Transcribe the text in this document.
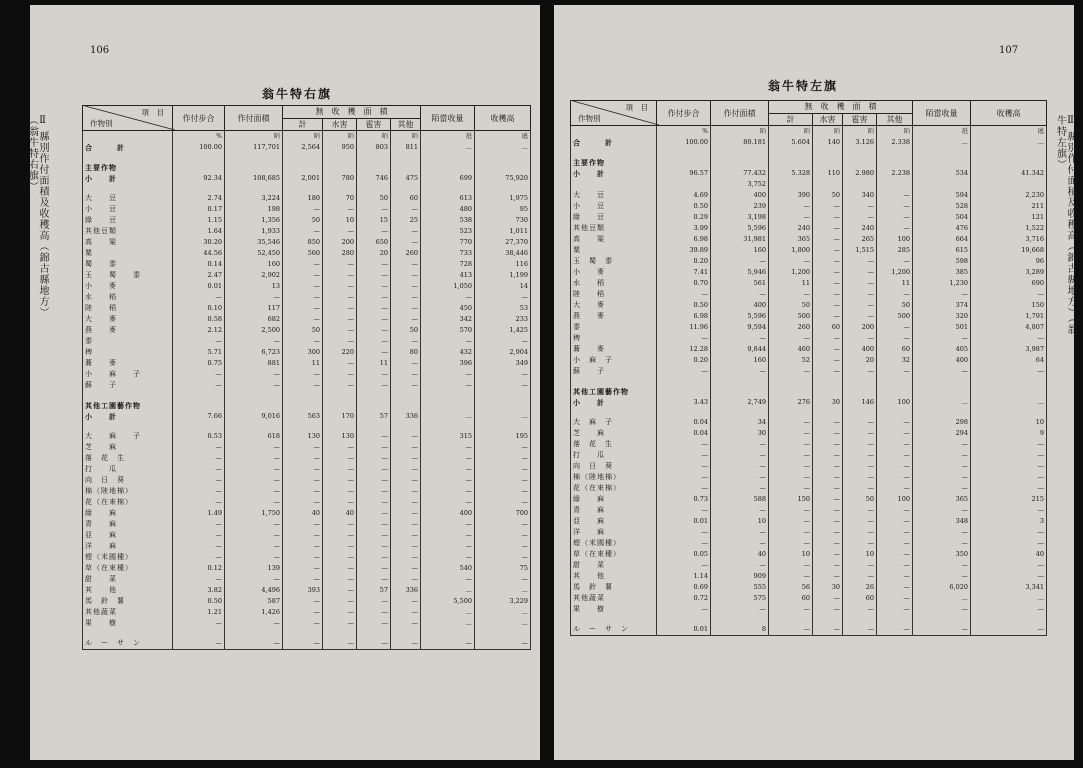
106
翁牛特右旗
Ⅱ 縣別作付面積及收穫高（錦古縣地方）（翁牛特右旗）
項　目
作物別	作付步合	作付面積	無　收　穫　面　積				陌當收量	收穫高
			計	水害	雹害	其他		
	%	陌	陌	陌	陌	陌	瓩	瓲
合　　　計	100.00	117,701	2,564	950	803	811	...	...

主要作物								
小　　計	92.34	108,685	2,001	780	746	475	699	75,920

大　　豆	2.74	3,224	180	70	50	60	613	1,975
小　　豆	0.17	198	—	—	—	—	480	95
綠　　豆	1.15	1,356	50	10	15	25	538	730
其他豆類	1.64	1,933	—	—	—	—	523	1,011
高　　粱	30.20	35,546	850	200	650	—	770	27,370
粟	44.56	52,450	560	280	20	260	733	38,446
蜀　　黍	0.14	160	—	—	—	—	728	116
玉　　蜀　　黍	2.47	2,902	—	—	—	—	413	1,199
小　　麥	0.01	13	—	—	—	—	1,050	14
水　　稻	—	—	—	—	—	—	—	—
陸　　稻	0.10	117	—	—	—	—	450	53
大　　麥	0.58	682	—	—	—	—	342	233
燕　　麥	2.12	2,500	50	—	—	50	570	1,425
黍	—	—	—	—	—	—	—	—
稗	5.71	6,723	300	220	—	80	432	2,904
蕎　　麥	0.75	881	11	—	11	—	396	349
小　　麻　　子	—	—	—	—	—	—	—	—
蘇　　子	—	—	—	—	—	—	—	—

其他工園藝作物								
小　　計	7.66	9,016	563	170	57	336	...	...

大　　麻　　子	0.53	618	130	130	—	—	315	195
芝　　麻	—	—	—	—	—	—	—	—
落　花　生	—	—	—	—	—	—	—	—
打　　瓜	—	—	—	—	—	—	—	—
向　日　葵	—	—	—	—	—	—	—	—
棉（陸地棉）	—	—	—	—	—	—	—	—
花（在來棉）	—	—	—	—	—	—	—	—
綠　　麻	1.49	1,750	40	40	—	—	400	700
青　　麻	—	—	—	—	—	—	—	—
亞　　麻	—	—	—	—	—	—	—	—
洋　　麻	—	—	—	—	—	—	—	—
煙（米國種）	—	—	—	—	—	—	—	—
草（在來種）	0.12	139	—	—	—	—	540	75
甜　　菜	—	—	—	—	—	—	—	—
其　　他	3.82	4,496	393	—	57	336	...	...
馬　鈴　薯	0.50	587	—	—	—	—	5,500	3,229
其他蔬菜	1.21	1,426	—	—	—	—	...	...
果　　樹	—	—	—	—	—	—	...	...

ル　ー　サ　ン	—	—	—	—	—	—	—	—
107
翁牛特左旗
Ⅱ 縣別作付面積及收穫高（錦古縣地方）（翁牛特左旗）
項　目
作物別	作付步合	作付面積	無　收　穫　面　積				陌當收量	收穫高
			計	水害	雹害	其他		
	%	陌	陌	陌	陌	陌	瓩	瓲
合　　　計	100.00	80.181	5.604	140	3.126	2.338	...	...

主要作物								
小　　計	96.57	77.432	5.328	110	2.980	2.238	534	41.342
		3,752						
大　　豆	4.69	400	390	50	340	—	594	2,230
小　　豆	0.50	239	—	—	—	—	528	211
綠　　豆	0.29	3,198	—	—	—	—	504	121
其他豆類	3.99	5,596	240	—	240	—	476	1,522
高　　粱	6.98	31,981	365	—	265	100	664	3,716
粟	39.89	160	1,800	—	1,515	285	615	19,668
玉　蜀　黍	0.20	—	—	—	—	—	598	96
小　　麥	7.41	5,946	1,200	—	—	1,200	385	3,289
水　　稻	0.70	561	11	—	—	11	1,230	690
陸　　稻	—	—	—	—	—	—	—	—
大　　麥	0.50	400	50	—	—	50	374	150
燕　　麥	6.98	5,596	500	—	—	500	320	1,791
黍	11.96	9,594	260	60	200	—	501	4,807
稗	—	—	—	—	—	—	—	—
蕎　　麥	12.28	9,844	460	—	400	60	405	3,987
小　麻　子	0.20	160	52	—	20	32	400	64
蘇　　子	—	—	—	—	—	—	—	—

其他工園藝作物								
小　　計	3.43	2,749	276	30	146	100	...	...

大　麻　子	0.04	34	—	—	—	—	298	10
芝　　麻	0.04	30	—	—	—	—	294	9
落　花　生	—	—	—	—	—	—	—	—
打　　瓜	—	—	—	—	—	—	—	—
向　日　葵	—	—	—	—	—	—	—	—
棉（陸地棉）	—	—	—	—	—	—	—	—
花（在來棉）	—	—	—	—	—	—	—	—
綠　　麻	0.73	588	150	—	50	100	365	215
青　　麻	—	—	—	—	—	—	—	—
亞　　麻	0.01	10	—	—	—	—	348	3
洋　　麻	—	—	—	—	—	—	—	—
煙（米國種）	—	—	—	—	—	—	—	—
草（在來種）	0.05	40	10	—	10	—	350	40
甜　　菜	—	—	—	—	—	—	—	—
其　　他	1.14	909	—	—	—	—	—	—
馬　鈴　薯	0.69	555	56	30	26	—	6,020	3,341
其他蔬菜	0.72	575	60	—	60	—	...	...
果　　樹	—	—	—	—	—	—	—	—

ル　ー　サ　ン	0.01	8	—	—	—	—	—	—
